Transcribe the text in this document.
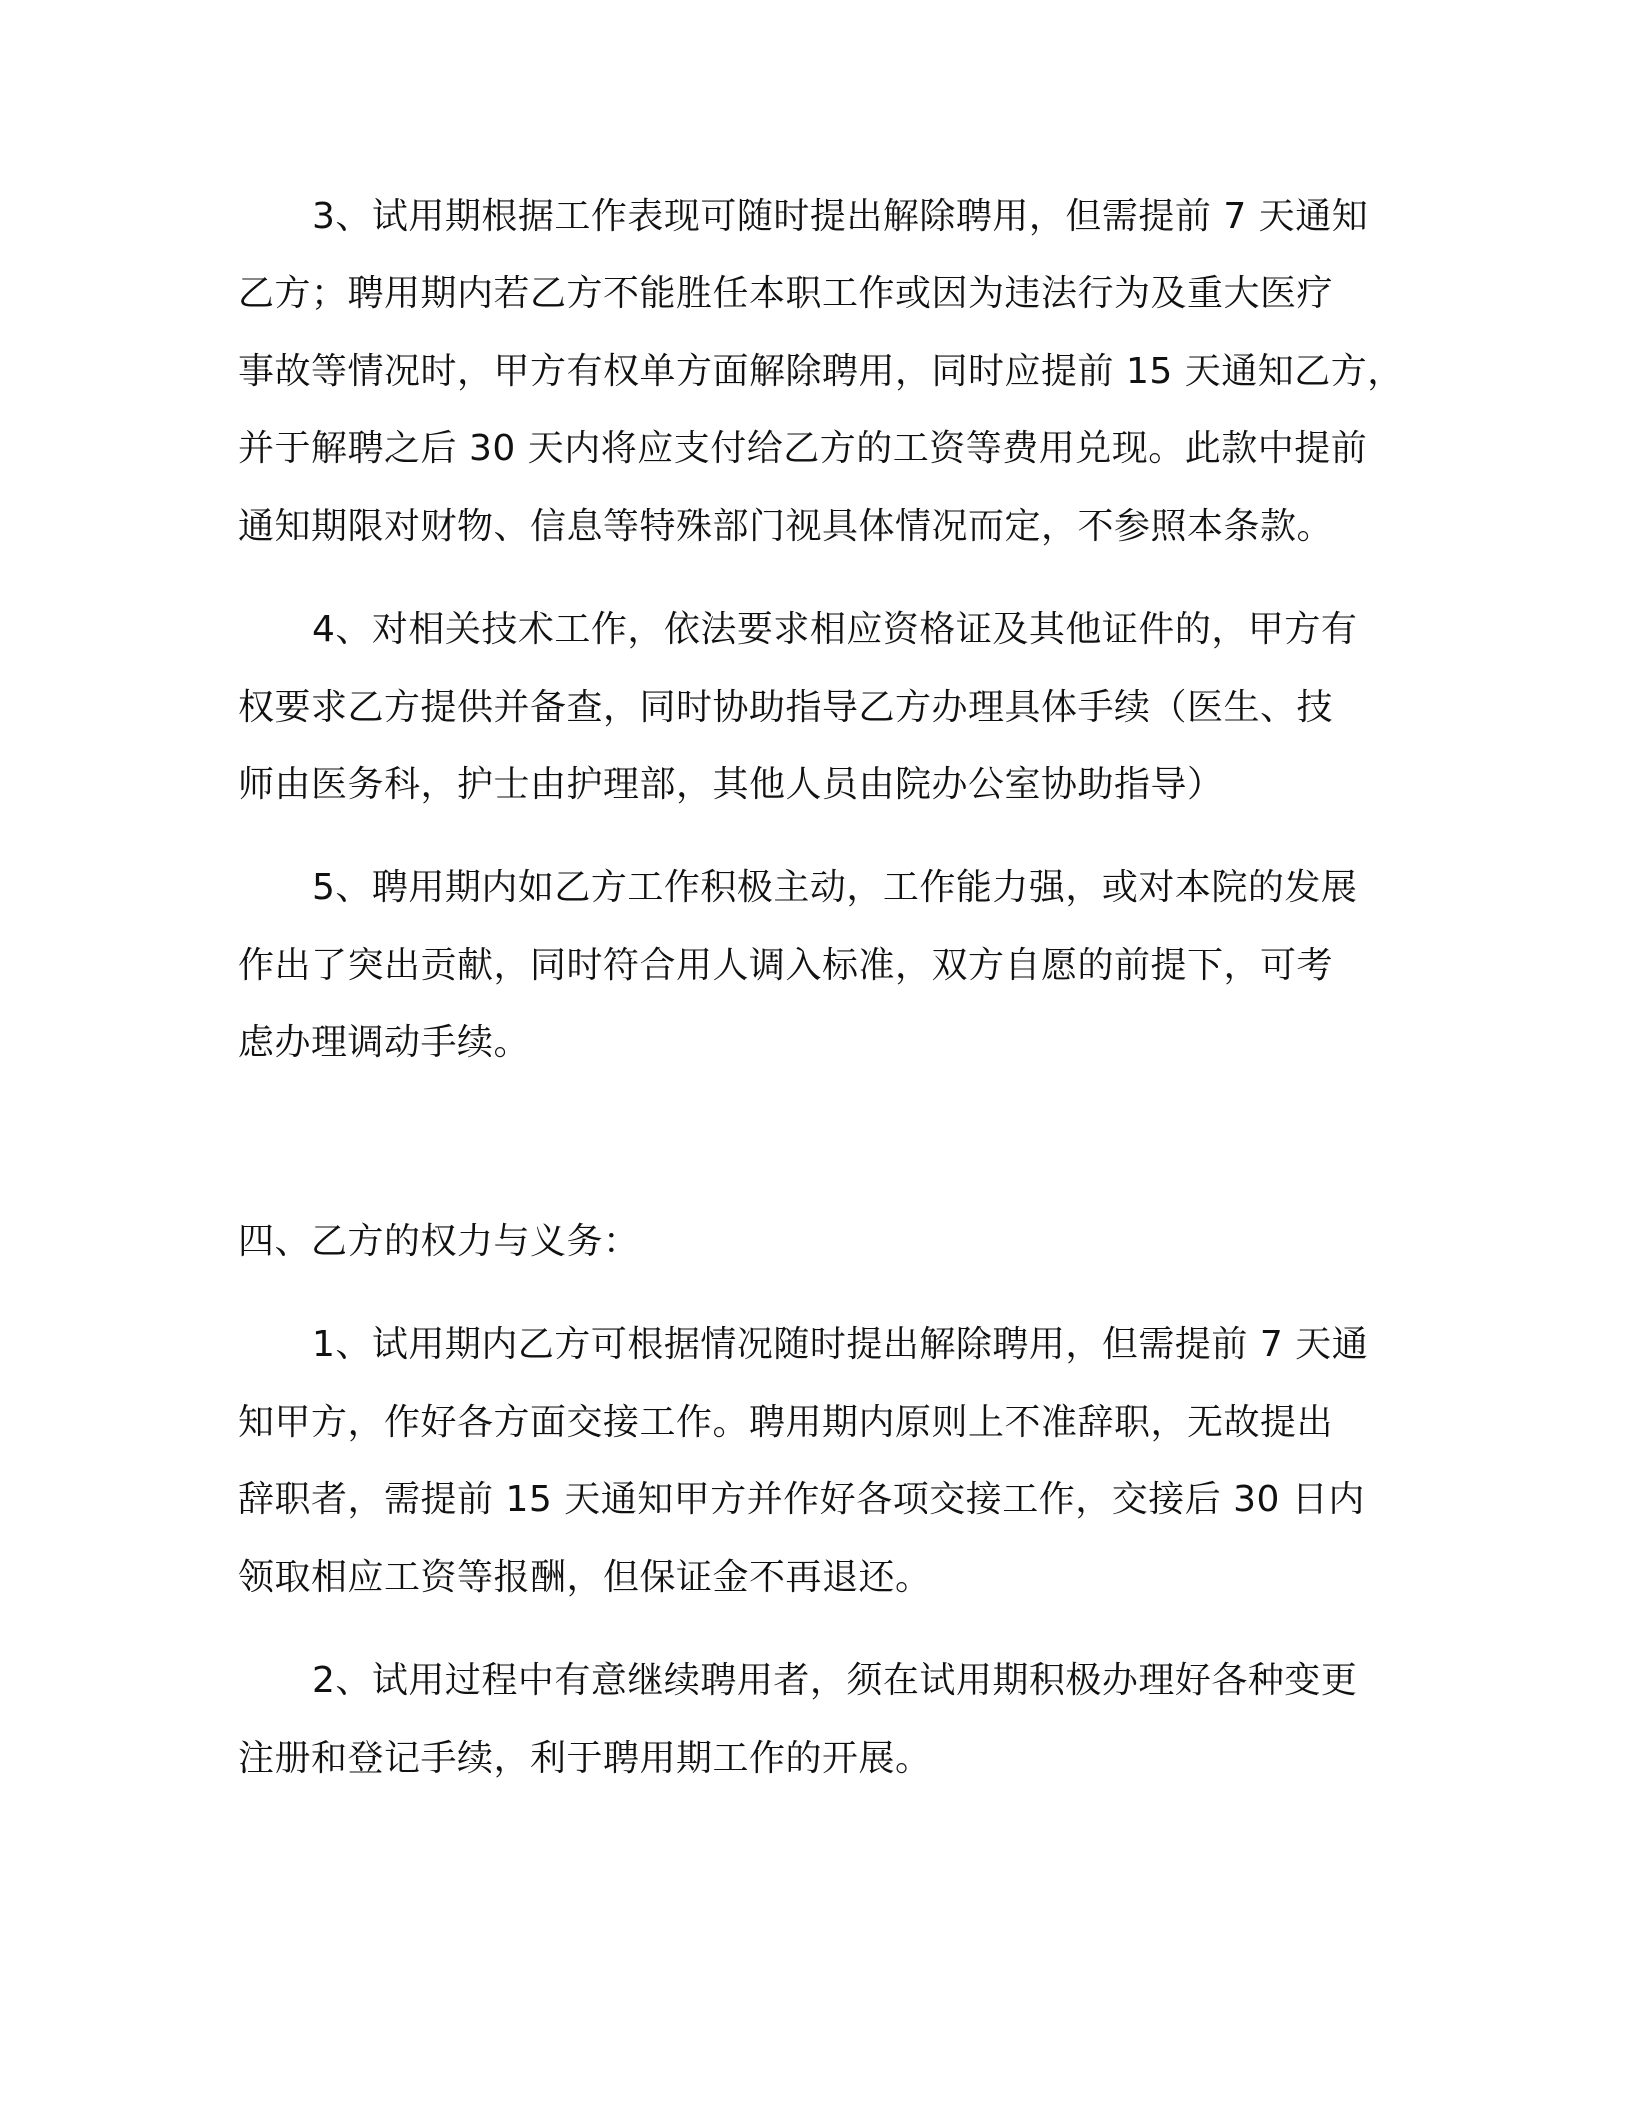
3、试用期根据工作表现可随时提出解除聘用，但需提前 7 天通知

乙方；聘用期内若乙方不能胜任本职工作或因为违法行为及重大医疗

事故等情况时，甲方有权单方面解除聘用，同时应提前 15 天通知乙方，

并于解聘之后 30 天内将应支付给乙方的工资等费用兑现。此款中提前

通知期限对财物、信息等特殊部门视具体情况而定，不参照本条款。

4、对相关技术工作，依法要求相应资格证及其他证件的，甲方有

权要求乙方提供并备查，同时协助指导乙方办理具体手续（医生、技

师由医务科，护士由护理部，其他人员由院办公室协助指导）

5、聘用期内如乙方工作积极主动，工作能力强，或对本院的发展

作出了突出贡献，同时符合用人调入标准，双方自愿的前提下，可考

虑办理调动手续。

四、乙方的权力与义务：

1、试用期内乙方可根据情况随时提出解除聘用，但需提前 7 天通

知甲方，作好各方面交接工作。聘用期内原则上不准辞职，无故提出

辞职者，需提前 15 天通知甲方并作好各项交接工作，交接后 30 日内

领取相应工资等报酬，但保证金不再退还。

2、试用过程中有意继续聘用者，须在试用期积极办理好各种变更

注册和登记手续，利于聘用期工作的开展。
